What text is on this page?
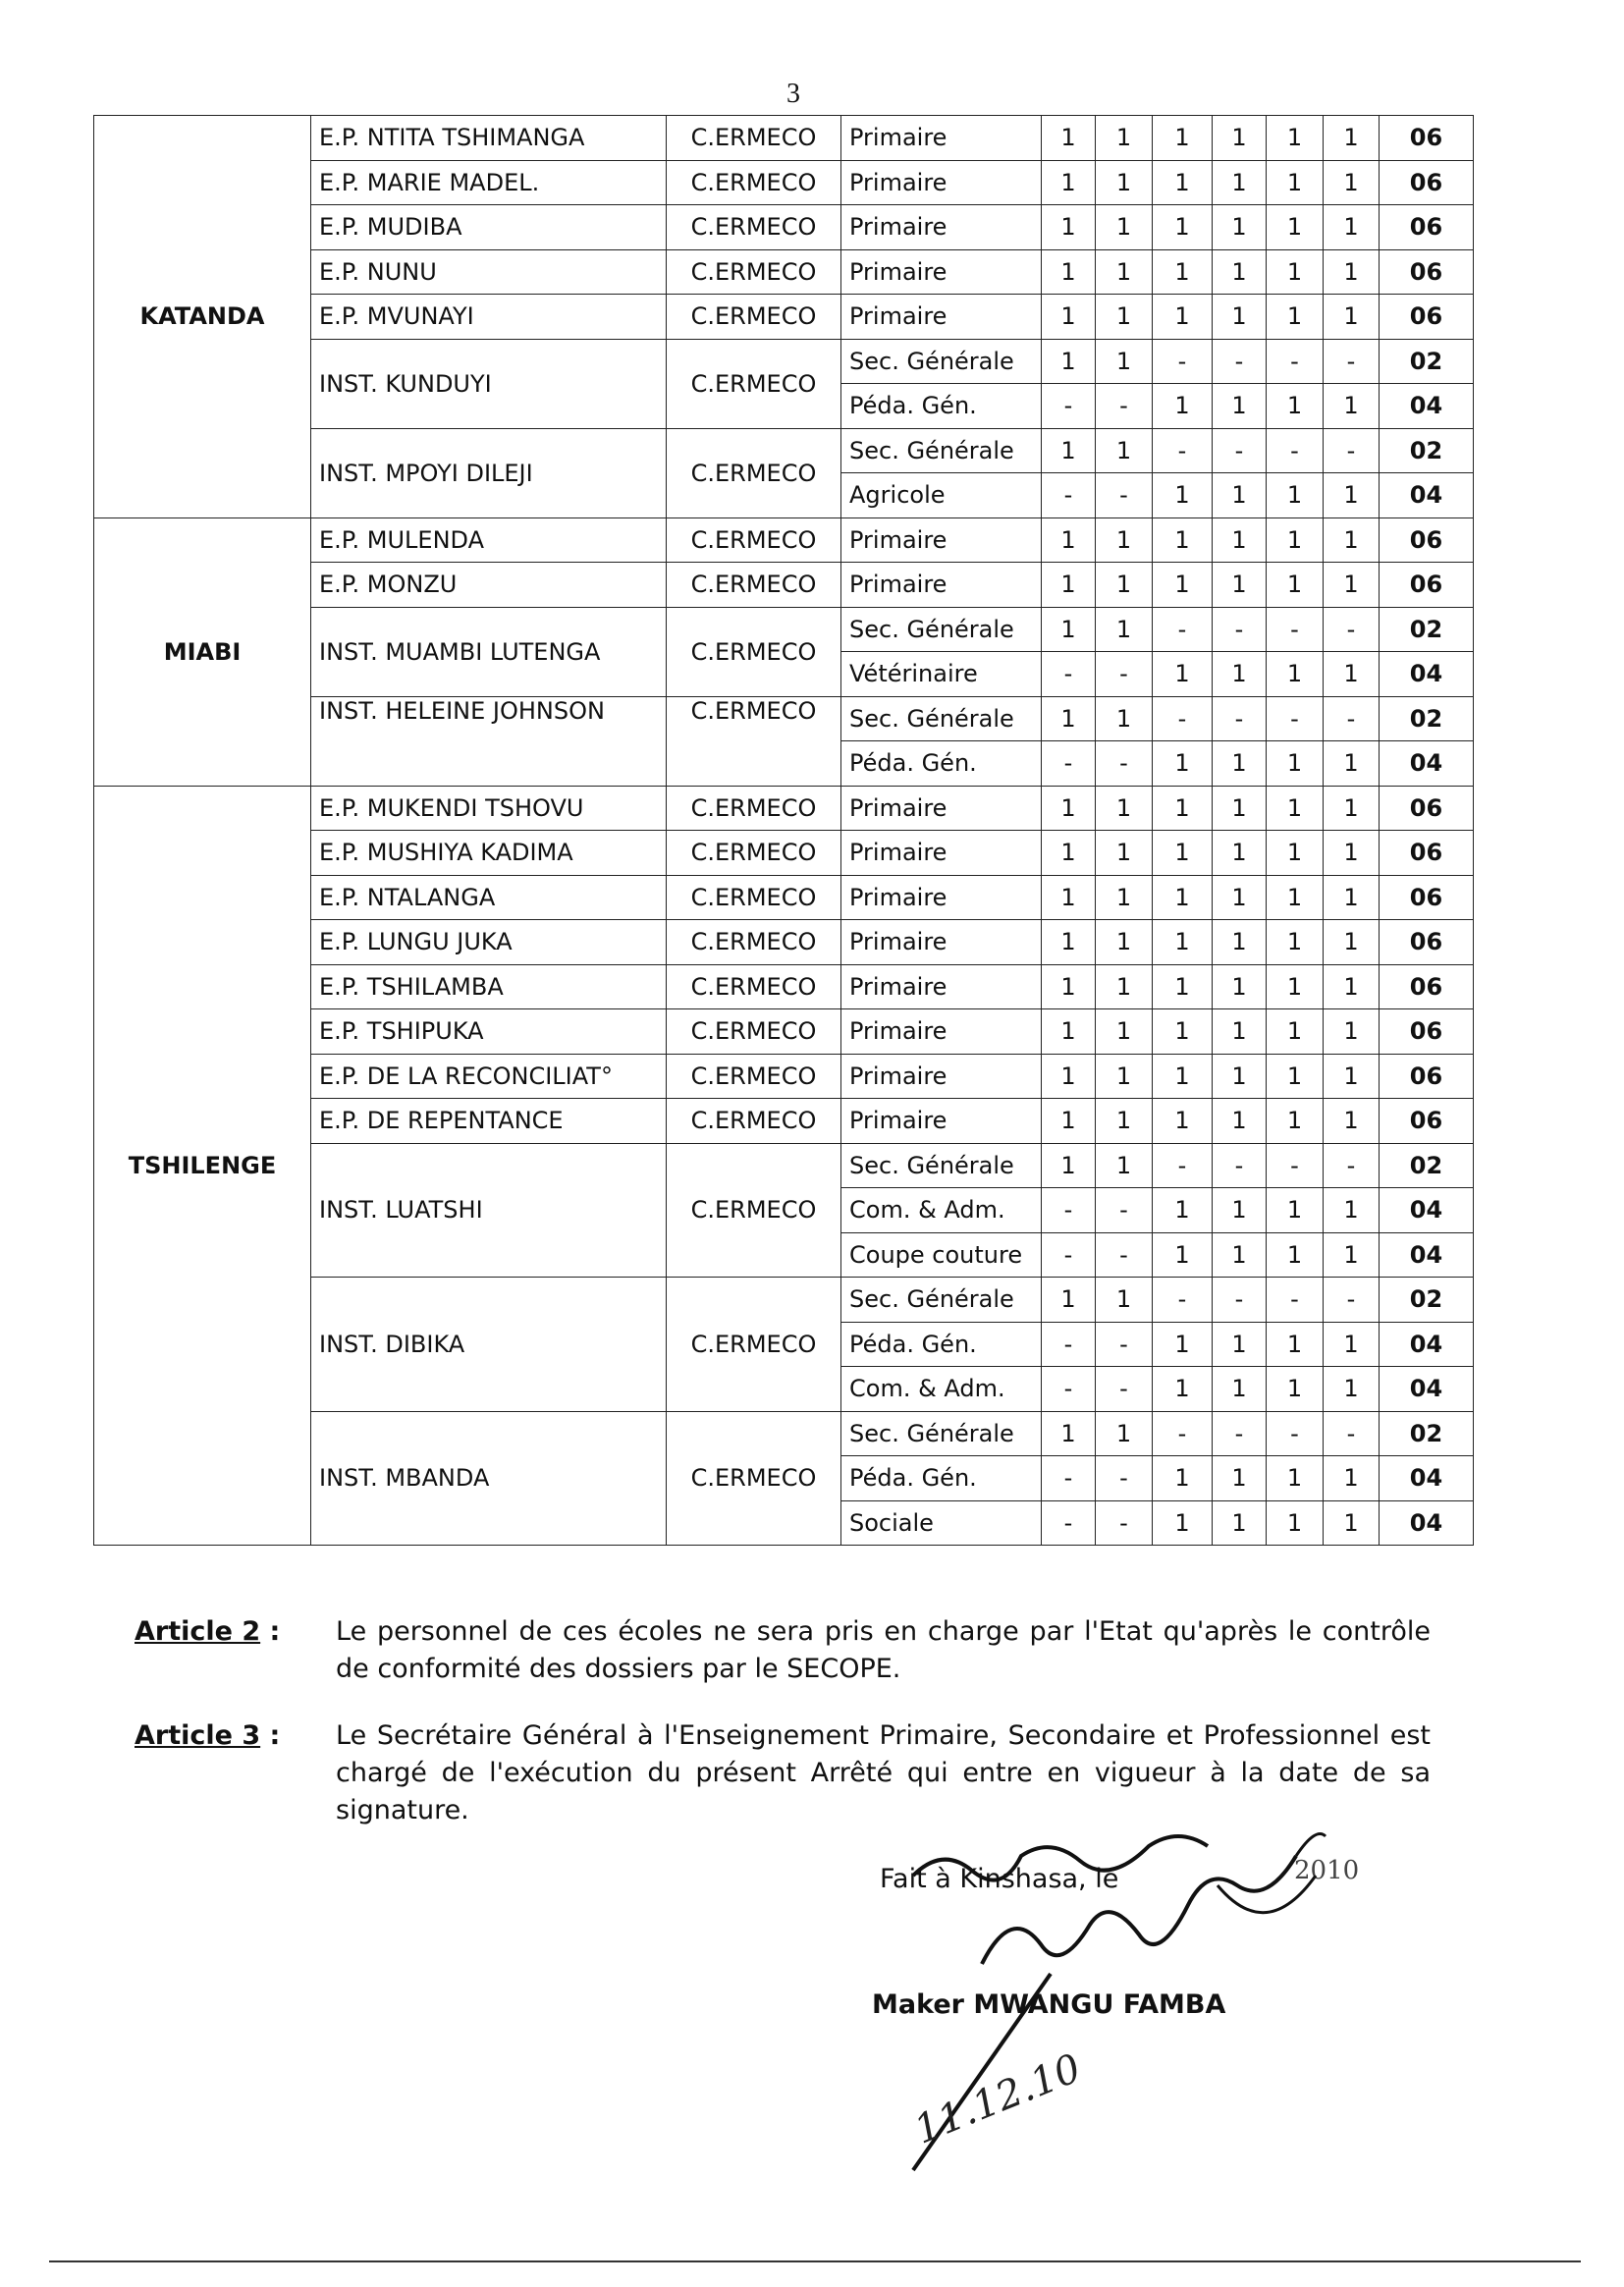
3
KATANDA	E.P. NTITA TSHIMANGA	C.ERMECO	Primaire	1	1	1	1	1	1	06
	E.P. MARIE MADEL.	C.ERMECO	Primaire	1	1	1	1	1	1	06
	E.P. MUDIBA	C.ERMECO	Primaire	1	1	1	1	1	1	06
	E.P. NUNU	C.ERMECO	Primaire	1	1	1	1	1	1	06
	E.P. MVUNAYI	C.ERMECO	Primaire	1	1	1	1	1	1	06
	INST. KUNDUYI	C.ERMECO	Sec. Générale	1	1	-	-	-	-	02
			Péda. Gén.	-	-	1	1	1	1	04
	INST. MPOYI DILEJI	C.ERMECO	Sec. Générale	1	1	-	-	-	-	02
			Agricole	-	-	1	1	1	1	04
MIABI	E.P. MULENDA	C.ERMECO	Primaire	1	1	1	1	1	1	06
	E.P. MONZU	C.ERMECO	Primaire	1	1	1	1	1	1	06
	INST. MUAMBI LUTENGA	C.ERMECO	Sec. Générale	1	1	-	-	-	-	02
			Vétérinaire	-	-	1	1	1	1	04
	INST. HELEINE JOHNSON	C.ERMECO	Sec. Générale	1	1	-	-	-	-	02
			Péda. Gén.	-	-	1	1	1	1	04
TSHILENGE	E.P. MUKENDI TSHOVU	C.ERMECO	Primaire	1	1	1	1	1	1	06
	E.P. MUSHIYA KADIMA	C.ERMECO	Primaire	1	1	1	1	1	1	06
	E.P. NTALANGA	C.ERMECO	Primaire	1	1	1	1	1	1	06
	E.P. LUNGU JUKA	C.ERMECO	Primaire	1	1	1	1	1	1	06
	E.P. TSHILAMBA	C.ERMECO	Primaire	1	1	1	1	1	1	06
	E.P. TSHIPUKA	C.ERMECO	Primaire	1	1	1	1	1	1	06
	E.P. DE LA RECONCILIAT°	C.ERMECO	Primaire	1	1	1	1	1	1	06
	E.P. DE REPENTANCE	C.ERMECO	Primaire	1	1	1	1	1	1	06
	INST. LUATSHI	C.ERMECO	Sec. Générale	1	1	-	-	-	-	02
			Com. & Adm.	-	-	1	1	1	1	04
			Coupe couture	-	-	1	1	1	1	04
	INST. DIBIKA	C.ERMECO	Sec. Générale	1	1	-	-	-	-	02
			Péda. Gén.	-	-	1	1	1	1	04
			Com. & Adm.	-	-	1	1	1	1	04
	INST. MBANDA	C.ERMECO	Sec. Générale	1	1	-	-	-	-	02
			Péda. Gén.	-	-	1	1	1	1	04
			Sociale	-	-	1	1	1	1	04
Article 2 :	Le personnel de ces écoles ne sera pris en charge par l'Etat qu'après le contrôle de conformité des dossiers par le SECOPE.
Article 3 :	Le Secrétaire Général à l'Enseignement Primaire, Secondaire et Professionnel est chargé de l'exécution du présent Arrêté qui entre en vigueur à la date de sa signature.
Fait à Kinshasa, le	2010
Maker MWANGU FAMBA
11.12.10
